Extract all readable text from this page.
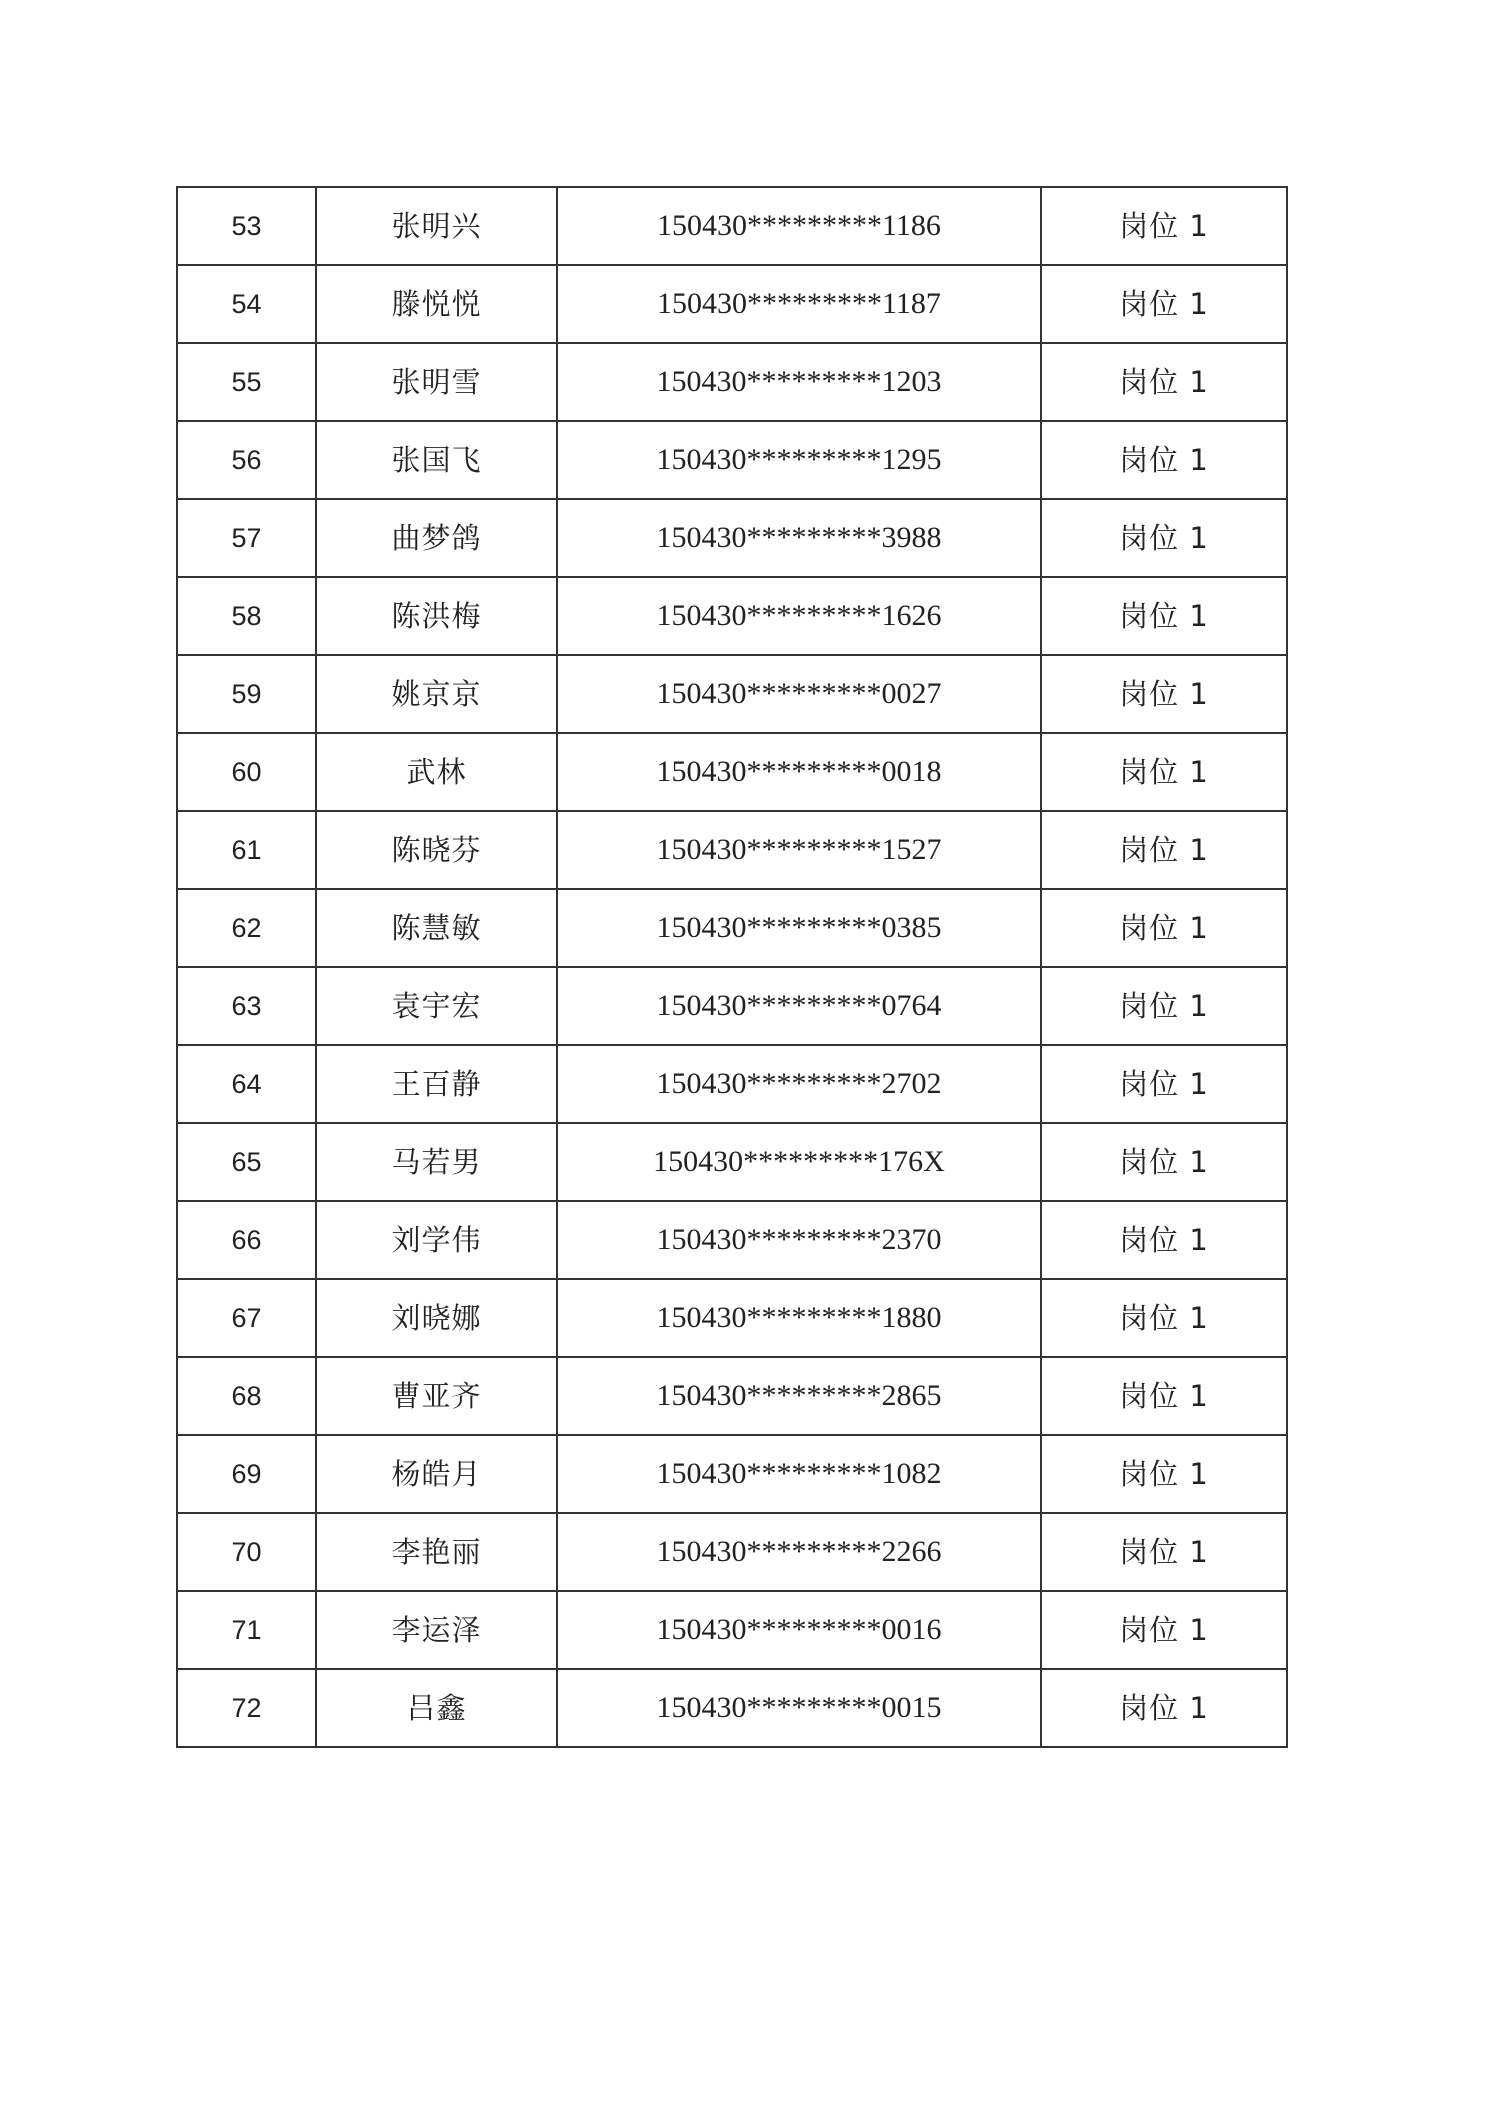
53	张明兴	150430*********1186	岗位 1
54	滕悦悦	150430*********1187	岗位 1
55	张明雪	150430*********1203	岗位 1
56	张国飞	150430*********1295	岗位 1
57	曲梦鸽	150430*********3988	岗位 1
58	陈洪梅	150430*********1626	岗位 1
59	姚京京	150430*********0027	岗位 1
60	武林	150430*********0018	岗位 1
61	陈晓芬	150430*********1527	岗位 1
62	陈慧敏	150430*********0385	岗位 1
63	袁宇宏	150430*********0764	岗位 1
64	王百静	150430*********2702	岗位 1
65	马若男	150430*********176X	岗位 1
66	刘学伟	150430*********2370	岗位 1
67	刘晓娜	150430*********1880	岗位 1
68	曹亚齐	150430*********2865	岗位 1
69	杨皓月	150430*********1082	岗位 1
70	李艳丽	150430*********2266	岗位 1
71	李运泽	150430*********0016	岗位 1
72	吕鑫	150430*********0015	岗位 1
